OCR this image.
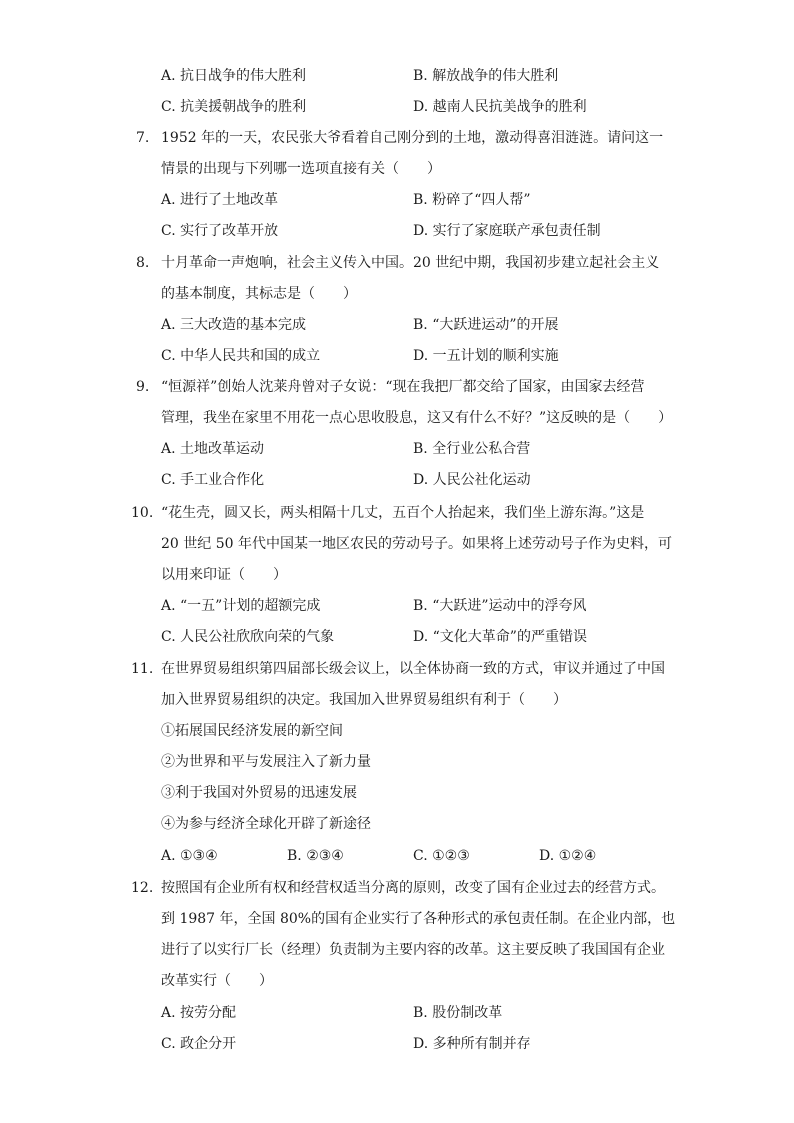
A. 抗日战争的伟大胜利	B. 解放战争的伟大胜利
C. 抗美援朝战争的胜利	D. 越南人民抗美战争的胜利
7. 1952 年的一天，农民张大爷看着自己刚分到的土地，激动得喜泪涟涟。请问这一
情景的出现与下列哪一选项直接有关（　　）
A. 进行了土地改革	B. 粉碎了“四人帮”
C. 实行了改革开放	D. 实行了家庭联产承包责任制
8. 十月革命一声炮响，社会主义传入中国。20 世纪中期，我国初步建立起社会主义
的基本制度，其标志是（　　）
A. 三大改造的基本完成	B. “大跃进运动”的开展
C. 中华人民共和国的成立	D. 一五计划的顺利实施
9. “恒源祥”创始人沈莱舟曾对子女说：“现在我把厂都交给了国家，由国家去经营
管理，我坐在家里不用花一点心思收股息，这又有什么不好？”这反映的是（　　）
A. 土地改革运动	B. 全行业公私合营
C. 手工业合作化	D. 人民公社化运动
10. “花生壳，圆又长，两头相隔十几丈，五百个人抬起来，我们坐上游东海。”这是
20 世纪 50 年代中国某一地区农民的劳动号子。如果将上述劳动号子作为史料，可
以用来印证（　　）
A. “一五”计划的超额完成	B. “大跃进”运动中的浮夸风
C. 人民公社欣欣向荣的气象	D. “文化大革命”的严重错误
11. 在世界贸易组织第四届部长级会议上，以全体协商一致的方式，审议并通过了中国
加入世界贸易组织的决定。我国加入世界贸易组织有利于（　　）
①拓展国民经济发展的新空间
②为世界和平与发展注入了新力量
③利于我国对外贸易的迅速发展
④为参与经济全球化开辟了新途径
A. ①③④	B. ②③④	C. ①②③	D. ①②④
12. 按照国有企业所有权和经营权适当分离的原则，改变了国有企业过去的经营方式。
到 1987 年，全国 80%的国有企业实行了各种形式的承包责任制。在企业内部，也
进行了以实行厂长（经理）负责制为主要内容的改革。这主要反映了我国国有企业
改革实行（　　）
A. 按劳分配	B. 股份制改革
C. 政企分开	D. 多种所有制并存
